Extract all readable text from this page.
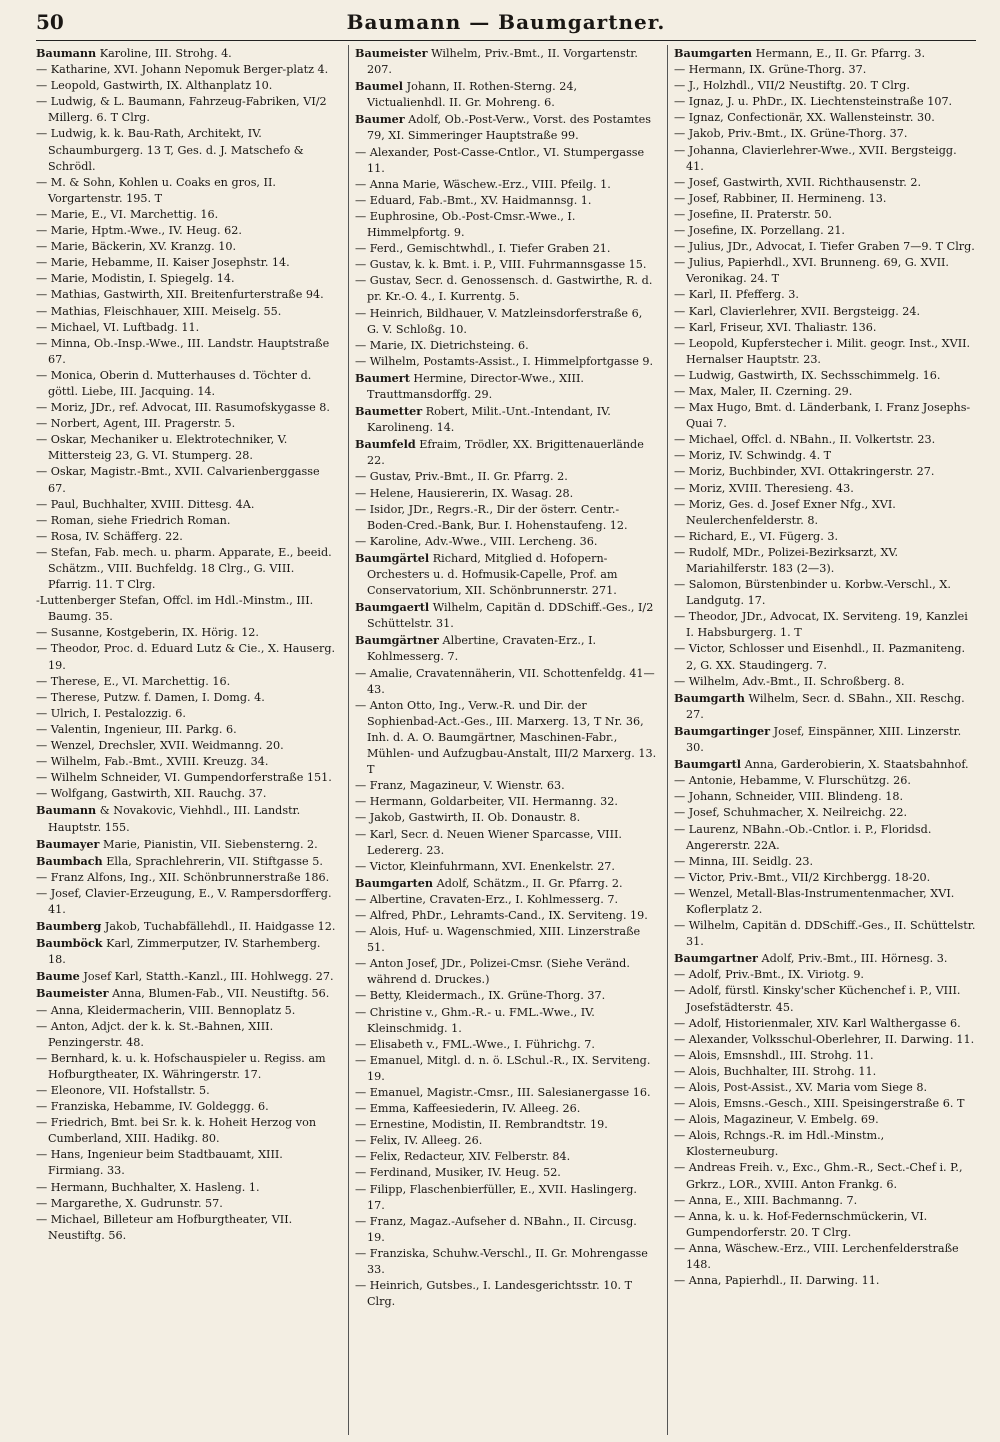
50	Baumann — Baumgartner.

Baumann Karoline, III. Strohg. 4.

— Katharine, XVI. Johann Nepomuk Berger-platz 4.

— Leopold, Gastwirth, IX. Althanplatz 10.

— Ludwig, & L. Baumann, Fahrzeug-Fabriken, VI/2 Millerg. 6. T Clrg.

— Ludwig, k. k. Bau-Rath, Architekt, IV. Schaumburgerg. 13 T, Ges. d. J. Matschefo & Schrödl.

— M. & Sohn, Kohlen u. Coaks en gros, II. Vorgartenstr. 195. T

— Marie, E., VI. Marchettig. 16.

— Marie, Hptm.-Wwe., IV. Heug. 62.

— Marie, Bäckerin, XV. Kranzg. 10.

— Marie, Hebamme, II. Kaiser Josephstr. 14.

— Marie, Modistin, I. Spiegelg. 14.

— Mathias, Gastwirth, XII. Breitenfurterstraße 94.

— Mathias, Fleischhauer, XIII. Meiselg. 55.

— Michael, VI. Luftbadg. 11.

— Minna, Ob.-Insp.-Wwe., III. Landstr. Hauptstraße 67.

— Monica, Oberin d. Mutterhauses d. Töchter d. göttl. Liebe, III. Jacquing. 14.

— Moriz, JDr., ref. Advocat, III. Rasumofskygasse 8.

— Norbert, Agent, III. Pragerstr. 5.

— Oskar, Mechaniker u. Elektrotechniker, V. Mittersteig 23, G. VI. Stumperg. 28.

— Oskar, Magistr.-Bmt., XVII. Calvarienberggasse 67.

— Paul, Buchhalter, XVIII. Dittesg. 4A.

— Roman, siehe Friedrich Roman.

— Rosa, IV. Schäfferg. 22.

— Stefan, Fab. mech. u. pharm. Apparate, E., beeid. Schätzm., VIII. Buchfeldg. 18 Clrg., G. VIII. Pfarrig. 11. T Clrg.

-Luttenberger Stefan, Offcl. im Hdl.-Minstm., III. Baumg. 35.

— Susanne, Kostgeberin, IX. Hörig. 12.

— Theodor, Proc. d. Eduard Lutz & Cie., X. Hauserg. 19.

— Therese, E., VI. Marchettig. 16.

— Therese, Putzw. f. Damen, I. Domg. 4.

— Ulrich, I. Pestalozzig. 6.

— Valentin, Ingenieur, III. Parkg. 6.

— Wenzel, Drechsler, XVII. Weidmanng. 20.

— Wilhelm, Fab.-Bmt., XVIII. Kreuzg. 34.

— Wilhelm Schneider, VI. Gumpendorferstraße 151.

— Wolfgang, Gastwirth, XII. Rauchg. 37.

Baumann & Novakovic, Viehhdl., III. Landstr. Hauptstr. 155.

Baumayer Marie, Pianistin, VII. Siebensterng. 2.

Baumbach Ella, Sprachlehrerin, VII. Stiftgasse 5.

— Franz Alfons, Ing., XII. Schönbrunnerstraße 186.

— Josef, Clavier-Erzeugung, E., V. Rampersdorfferg. 41.

Baumberg Jakob, Tuchabfällehdl., II. Haidgasse 12.

Baumböck Karl, Zimmerputzer, IV. Starhemberg. 18.

Baume Josef Karl, Statth.-Kanzl., III. Hohlwegg. 27.

Baumeister Anna, Blumen-Fab., VII. Neustiftg. 56.

— Anna, Kleidermacherin, VIII. Bennoplatz 5.

— Anton, Adjct. der k. k. St.-Bahnen, XIII. Penzingerstr. 48.

— Bernhard, k. u. k. Hofschauspieler u. Regiss. am Hofburgtheater, IX. Währingerstr. 17.

— Eleonore, VII. Hofstallstr. 5.

— Franziska, Hebamme, IV. Goldeggg. 6.

— Friedrich, Bmt. bei Sr. k. k. Hoheit Herzog von Cumberland, XIII. Hadikg. 80.

— Hans, Ingenieur beim Stadtbauamt, XIII. Firmiang. 33.

— Hermann, Buchhalter, X. Hasleng. 1.

— Margarethe, X. Gudrunstr. 57.

— Michael, Billeteur am Hofburgtheater, VII. Neustiftg. 56.

Baumeister Wilhelm, Priv.-Bmt., II. Vorgartenstr. 207.

Baumel Johann, II. Rothen-Sterng. 24, Victualienhdl. II. Gr. Mohreng. 6.

Baumer Adolf, Ob.-Post-Verw., Vorst. des Postamtes 79, XI. Simmeringer Hauptstraße 99.

— Alexander, Post-Casse-Cntlor., VI. Stumpergasse 11.

— Anna Marie, Wäschew.-Erz., VIII. Pfeilg. 1.

— Eduard, Fab.-Bmt., XV. Haidmannsg. 1.

— Euphrosine, Ob.-Post-Cmsr.-Wwe., I. Himmelpfortg. 9.

— Ferd., Gemischtwhdl., I. Tiefer Graben 21.

— Gustav, k. k. Bmt. i. P., VIII. Fuhrmannsgasse 15.

— Gustav, Secr. d. Genossensch. d. Gastwirthe, R. d. pr. Kr.-O. 4., I. Kurrentg. 5.

— Heinrich, Bildhauer, V. Matzleinsdorferstraße 6, G. V. Schloßg. 10.

— Marie, IX. Dietrichsteing. 6.

— Wilhelm, Postamts-Assist., I. Himmelpfortgasse 9.

Baumert Hermine, Director-Wwe., XIII. Trauttmansdorffg. 29.

Baumetter Robert, Milit.-Unt.-Intendant, IV. Karolineng. 14.

Baumfeld Efraim, Trödler, XX. Brigittenauerlände 22.

— Gustav, Priv.-Bmt., II. Gr. Pfarrg. 2.

— Helene, Hausiererin, IX. Wasag. 28.

— Isidor, JDr., Regrs.-R., Dir der österr. Centr.-Boden-Cred.-Bank, Bur. I. Hohenstaufeng. 12.

— Karoline, Adv.-Wwe., VIII. Lercheng. 36.

Baumgärtel Richard, Mitglied d. Hofopern-Orchesters u. d. Hofmusik-Capelle, Prof. am Conservatorium, XII. Schönbrunnerstr. 271.

Baumgaertl Wilhelm, Capitän d. DDSchiff.-Ges., I/2 Schüttelstr. 31.

Baumgärtner Albertine, Cravaten-Erz., I. Kohlmesserg. 7.

— Amalie, Cravatennäherin, VII. Schottenfeldg. 41—43.

— Anton Otto, Ing., Verw.-R. und Dir. der Sophienbad-Act.-Ges., III. Marxerg. 13, T Nr. 36, Inh. d. A. O. Baumgärtner, Maschinen-Fabr., Mühlen- und Aufzugbau-Anstalt, III/2 Marxerg. 13. T

— Franz, Magazineur, V. Wienstr. 63.

— Hermann, Goldarbeiter, VII. Hermanng. 32.

— Jakob, Gastwirth, II. Ob. Donaustr. 8.

— Karl, Secr. d. Neuen Wiener Sparcasse, VIII. Ledererg. 23.

— Victor, Kleinfuhrmann, XVI. Enenkelstr. 27.

Baumgarten Adolf, Schätzm., II. Gr. Pfarrg. 2.

— Albertine, Cravaten-Erz., I. Kohlmesserg. 7.

— Alfred, PhDr., Lehramts-Cand., IX. Serviteng. 19.

— Alois, Huf- u. Wagenschmied, XIII. Linzerstraße 51.

— Anton Josef, JDr., Polizei-Cmsr. (Siehe Veränd. während d. Druckes.)

— Betty, Kleidermach., IX. Grüne-Thorg. 37.

— Christine v., Ghm.-R.- u. FML.-Wwe., IV. Kleinschmidg. 1.

— Elisabeth v., FML.-Wwe., I. Führichg. 7.

— Emanuel, Mitgl. d. n. ö. LSchul.-R., IX. Serviteng. 19.

— Emanuel, Magistr.-Cmsr., III. Salesianergasse 16.

— Emma, Kaffeesiederin, IV. Alleeg. 26.

— Ernestine, Modistin, II. Rembrandtstr. 19.

— Felix, IV. Alleeg. 26.

— Felix, Redacteur, XIV. Felberstr. 84.

— Ferdinand, Musiker, IV. Heug. 52.

— Filipp, Flaschenbierfüller, E., XVII. Haslingerg. 17.

— Franz, Magaz.-Aufseher d. NBahn., II. Circusg. 19.

— Franziska, Schuhw.-Verschl., II. Gr. Mohrengasse 33.

— Heinrich, Gutsbes., I. Landesgerichtsstr. 10. T Clrg.

Baumgarten Hermann, E., II. Gr. Pfarrg. 3.

— Hermann, IX. Grüne-Thorg. 37.

— J., Holzhdl., VII/2 Neustiftg. 20. T Clrg.

— Ignaz, J. u. PhDr., IX. Liechtensteinstraße 107.

— Ignaz, Confectionär, XX. Wallensteinstr. 30.

— Jakob, Priv.-Bmt., IX. Grüne-Thorg. 37.

— Johanna, Clavierlehrer-Wwe., XVII. Bergsteigg. 41.

— Josef, Gastwirth, XVII. Richthausenstr. 2.

— Josef, Rabbiner, II. Hermineng. 13.

— Josefine, II. Praterstr. 50.

— Josefine, IX. Porzellang. 21.

— Julius, JDr., Advocat, I. Tiefer Graben 7—9. T Clrg.

— Julius, Papierhdl., XVI. Brunneng. 69, G. XVII. Veronikag. 24. T

— Karl, II. Pfefferg. 3.

— Karl, Clavierlehrer, XVII. Bergsteigg. 24.

— Karl, Friseur, XVI. Thaliastr. 136.

— Leopold, Kupferstecher i. Milit. geogr. Inst., XVII. Hernalser Hauptstr. 23.

— Ludwig, Gastwirth, IX. Sechsschimmelg. 16.

— Max, Maler, II. Czerning. 29.

— Max Hugo, Bmt. d. Länderbank, I. Franz Josephs-Quai 7.

— Michael, Offcl. d. NBahn., II. Volkertstr. 23.

— Moriz, IV. Schwindg. 4. T

— Moriz, Buchbinder, XVI. Ottakringerstr. 27.

— Moriz, XVIII. Theresieng. 43.

— Moriz, Ges. d. Josef Exner Nfg., XVI. Neulerchenfelderstr. 8.

— Richard, E., VI. Fügerg. 3.

— Rudolf, MDr., Polizei-Bezirksarzt, XV. Mariahilferstr. 183 (2—3).

— Salomon, Bürstenbinder u. Korbw.-Verschl., X. Landgutg. 17.

— Theodor, JDr., Advocat, IX. Serviteng. 19, Kanzlei I. Habsburgerg. 1. T

— Victor, Schlosser und Eisenhdl., II. Pazmaniteng. 2, G. XX. Staudingerg. 7.

— Wilhelm, Adv.-Bmt., II. Schroßberg. 8.

Baumgarth Wilhelm, Secr. d. SBahn., XII. Reschg. 27.

Baumgartinger Josef, Einspänner, XIII. Linzerstr. 30.

Baumgartl Anna, Garderobierin, X. Staatsbahnhof.

— Antonie, Hebamme, V. Flurschützg. 26.

— Johann, Schneider, VIII. Blindeng. 18.

— Josef, Schuhmacher, X. Neilreichg. 22.

— Laurenz, NBahn.-Ob.-Cntlor. i. P., Floridsd. Angererstr. 22A.

— Minna, III. Seidlg. 23.

— Victor, Priv.-Bmt., VII/2 Kirchbergg. 18-20.

— Wenzel, Metall-Blas-Instrumentenmacher, XVI. Koflerplatz 2.

— Wilhelm, Capitän d. DDSchiff.-Ges., II. Schüttelstr. 31.

Baumgartner Adolf, Priv.-Bmt., III. Hörnesg. 3.

— Adolf, Priv.-Bmt., IX. Viriotg. 9.

— Adolf, fürstl. Kinsky'scher Küchenchef i. P., VIII. Josefstädterstr. 45.

— Adolf, Historienmaler, XIV. Karl Walthergasse 6.

— Alexander, Volksschul-Oberlehrer, II. Darwing. 11.

— Alois, Emsnshdl., III. Strohg. 11.

— Alois, Buchhalter, III. Strohg. 11.

— Alois, Post-Assist., XV. Maria vom Siege 8.

— Alois, Emsns.-Gesch., XIII. Speisingerstraße 6. T

— Alois, Magazineur, V. Embelg. 69.

— Alois, Rchngs.-R. im Hdl.-Minstm., Klosterneuburg.

— Andreas Freih. v., Exc., Ghm.-R., Sect.-Chef i. P., Grkrz., LOR., XVIII. Anton Frankg. 6.

— Anna, E., XIII. Bachmanng. 7.

— Anna, k. u. k. Hof-Federnschmückerin, VI. Gumpendorferstr. 20. T Clrg.

— Anna, Wäschew.-Erz., VIII. Lerchenfelderstraße 148.

— Anna, Papierhdl., II. Darwing. 11.
